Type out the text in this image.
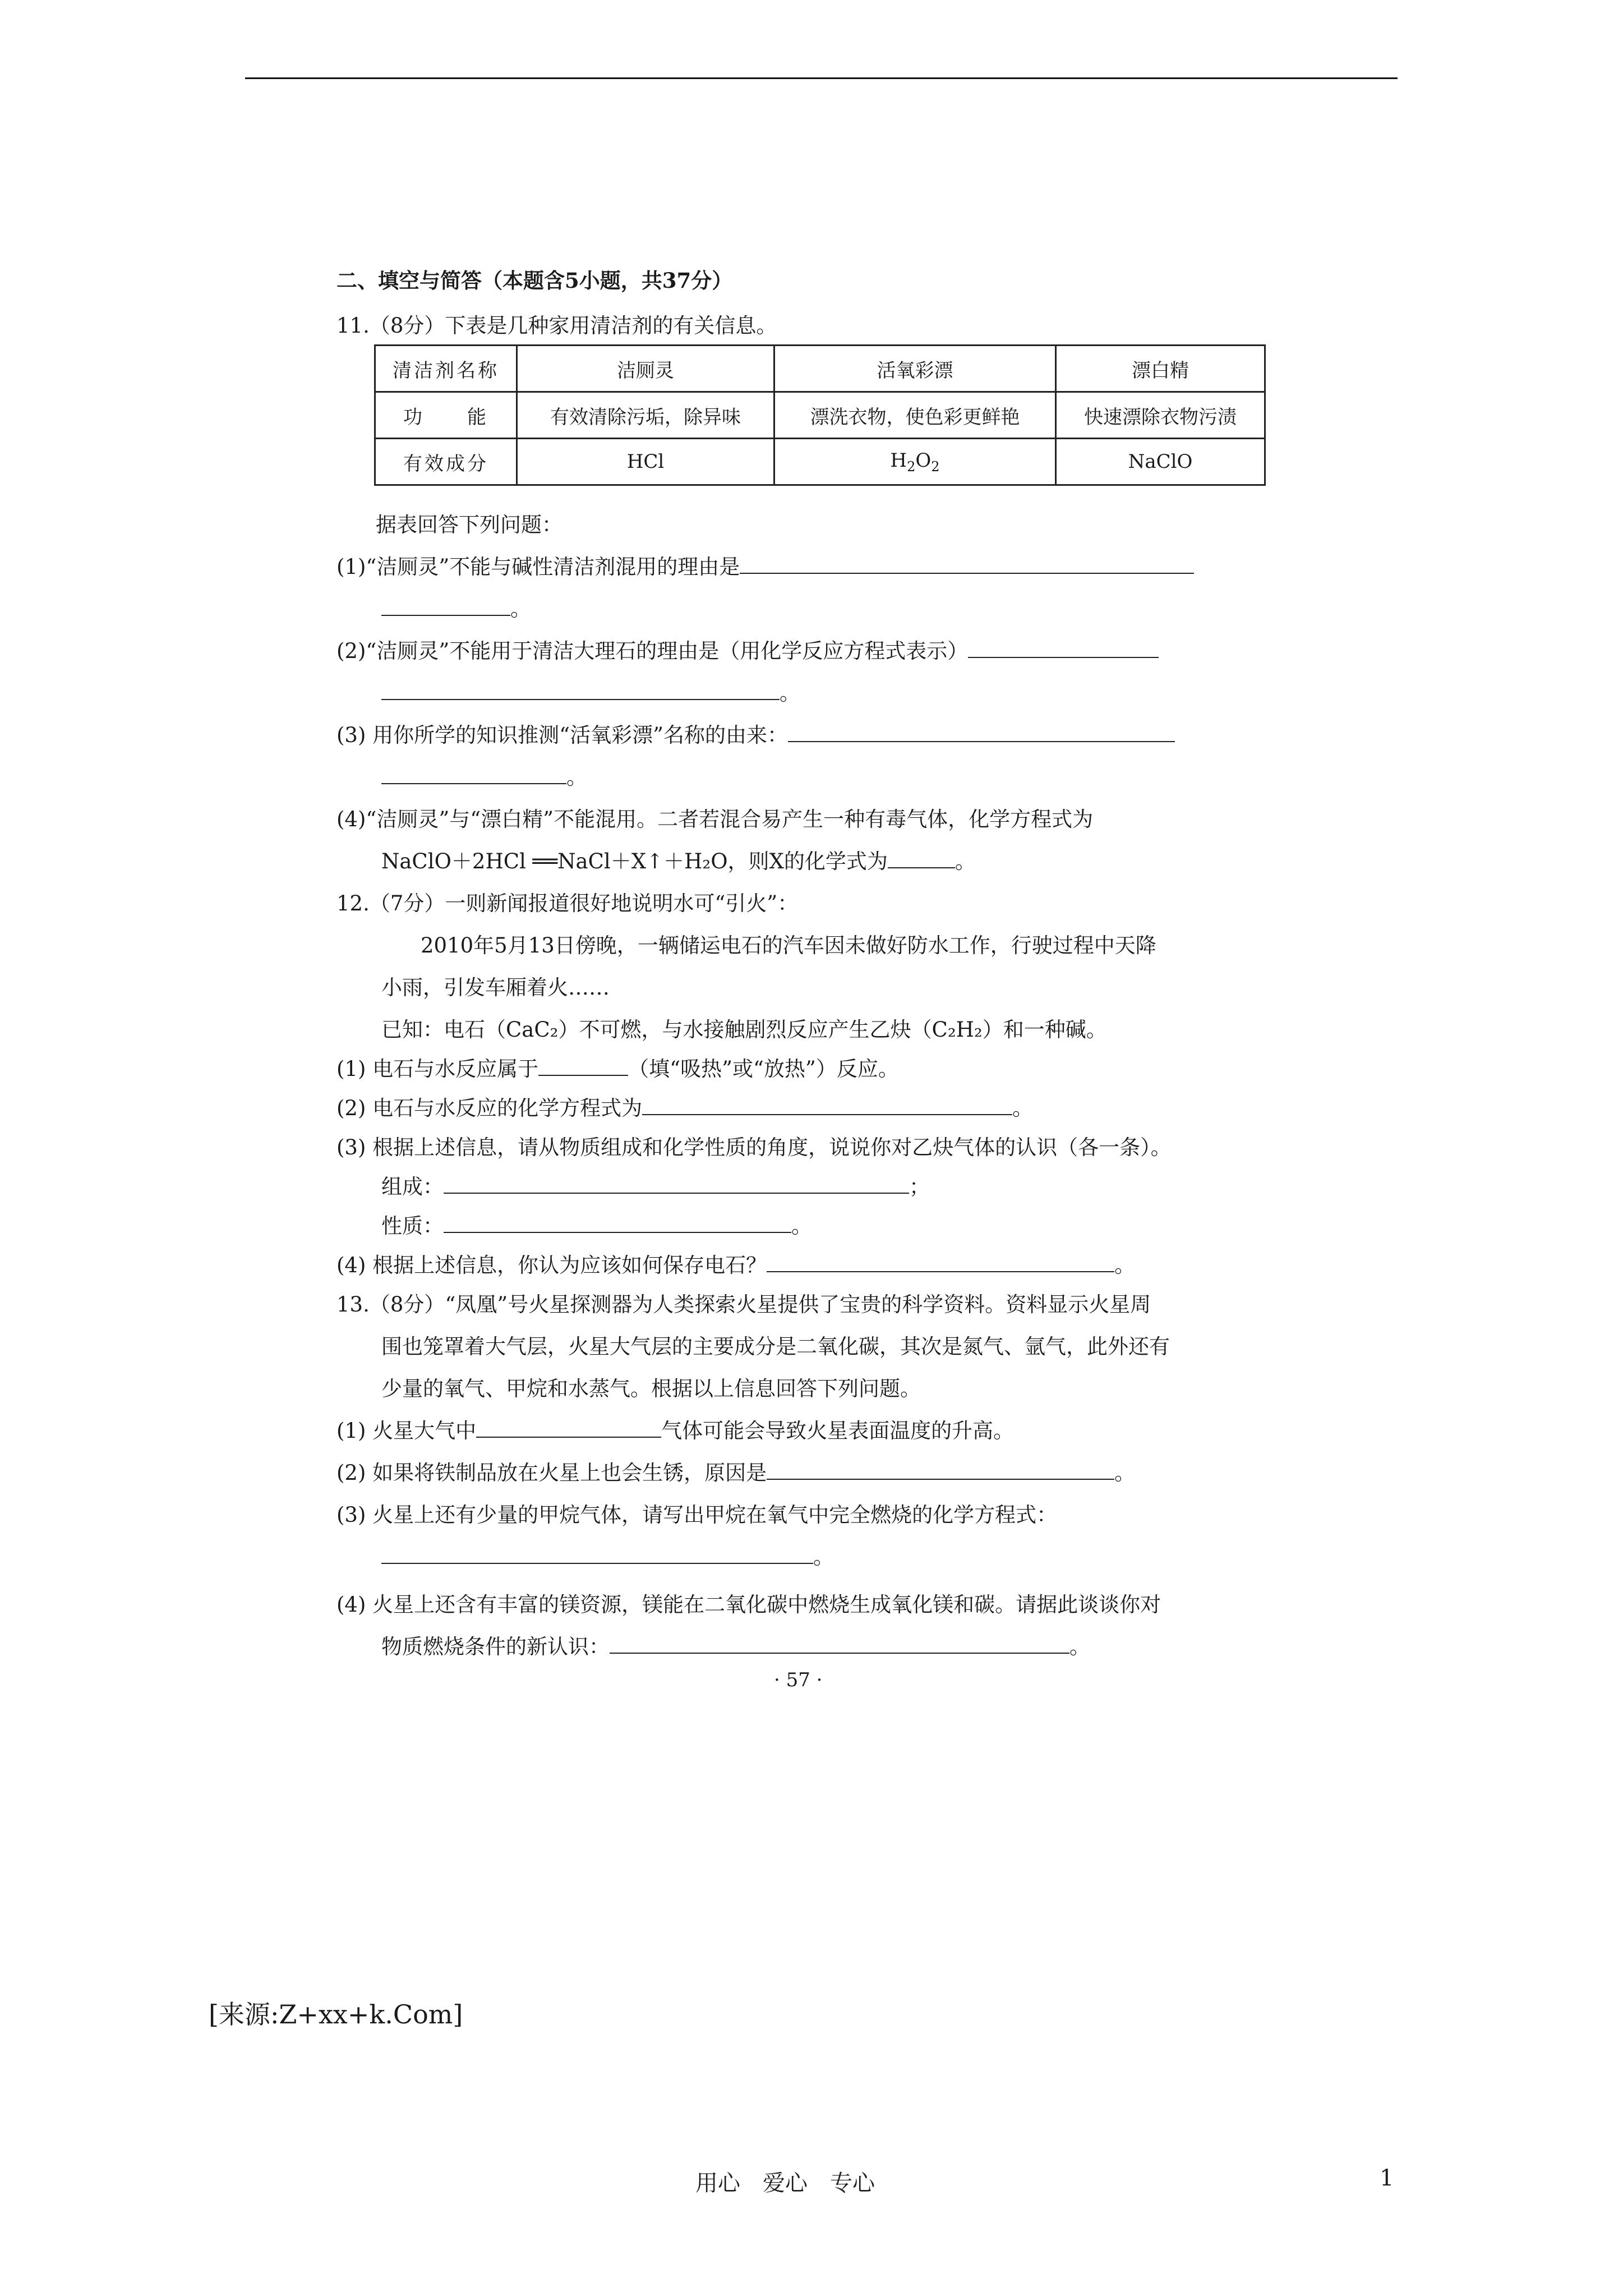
二、填空与简答（本题含5小题，共37分）
11.（8分）下表是几种家用清洁剂的有关信息。
清洁剂名称	洁厕灵	活氧彩漂	漂白精
功　　能	有效清除污垢，除异味	漂洗衣物，使色彩更鲜艳	快速漂除衣物污渍
有效成分	HCl	$H_2O_2$	NaClO
据表回答下列问题：
(1)“洁厕灵”不能与碱性清洁剂混用的理由是
。
(2)“洁厕灵”不能用于清洁大理石的理由是（用化学反应方程式表示）
。
(3) 用你所学的知识推测“活氧彩漂”名称的由来：
。
(4)“洁厕灵”与“漂白精”不能混用。二者若混合易产生一种有毒气体，化学方程式为
NaClO＋2HCl ══NaCl＋X↑＋H₂O，则X的化学式为	。
12.（7分）一则新闻报道很好地说明水可“引火”：
2010年5月13日傍晚，一辆储运电石的汽车因未做好防水工作，行驶过程中天降
小雨，引发车厢着火……
已知：电石（CaC₂）不可燃，与水接触剧烈反应产生乙炔（C₂H₂）和一种碱。
(1) 电石与水反应属于	（填“吸热”或“放热”）反应。
(2) 电石与水反应的化学方程式为	。
(3) 根据上述信息，请从物质组成和化学性质的角度，说说你对乙炔气体的认识（各一条）。
组成：	；
性质：	。
(4) 根据上述信息，你认为应该如何保存电石？	。
13.（8分）“凤凰”号火星探测器为人类探索火星提供了宝贵的科学资料。资料显示火星周
围也笼罩着大气层，火星大气层的主要成分是二氧化碳，其次是氮气、氩气，此外还有
少量的氧气、甲烷和水蒸气。根据以上信息回答下列问题。
(1) 火星大气中	气体可能会导致火星表面温度的升高。
(2) 如果将铁制品放在火星上也会生锈，原因是	。
(3) 火星上还有少量的甲烷气体，请写出甲烷在氧气中完全燃烧的化学方程式：
。
(4) 火星上还含有丰富的镁资源，镁能在二氧化碳中燃烧生成氧化镁和碳。请据此谈谈你对
物质燃烧条件的新认识：	。
· 57 ·
[来源:Z+xx+k.Com]
用心　爱心　专心	1
